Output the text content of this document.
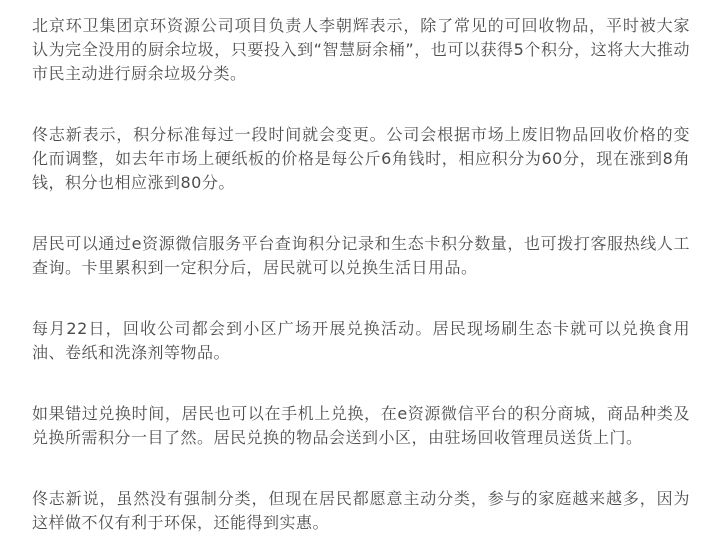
北京环卫集团京环资源公司项目负责人李朝辉表示，除了常见的可回收物品，平时被大家认为完全没用的厨余垃圾，只要投入到“智慧厨余桶”，也可以获得5个积分，这将大大推动市民主动进行厨余垃圾分类。

佟志新表示，积分标准每过一段时间就会变更。公司会根据市场上废旧物品回收价格的变化而调整，如去年市场上硬纸板的价格是每公斤6角钱时，相应积分为60分，现在涨到8角钱，积分也相应涨到80分。

居民可以通过e资源微信服务平台查询积分记录和生态卡积分数量，也可拨打客服热线人工查询。卡里累积到一定积分后，居民就可以兑换生活日用品。

每月22日，回收公司都会到小区广场开展兑换活动。居民现场刷生态卡就可以兑换食用油、卷纸和洗涤剂等物品。

如果错过兑换时间，居民也可以在手机上兑换，在e资源微信平台的积分商城，商品种类及兑换所需积分一目了然。居民兑换的物品会送到小区，由驻场回收管理员送货上门。

佟志新说，虽然没有强制分类，但现在居民都愿意主动分类，参与的家庭越来越多，因为这样做不仅有利于环保，还能得到实惠。
